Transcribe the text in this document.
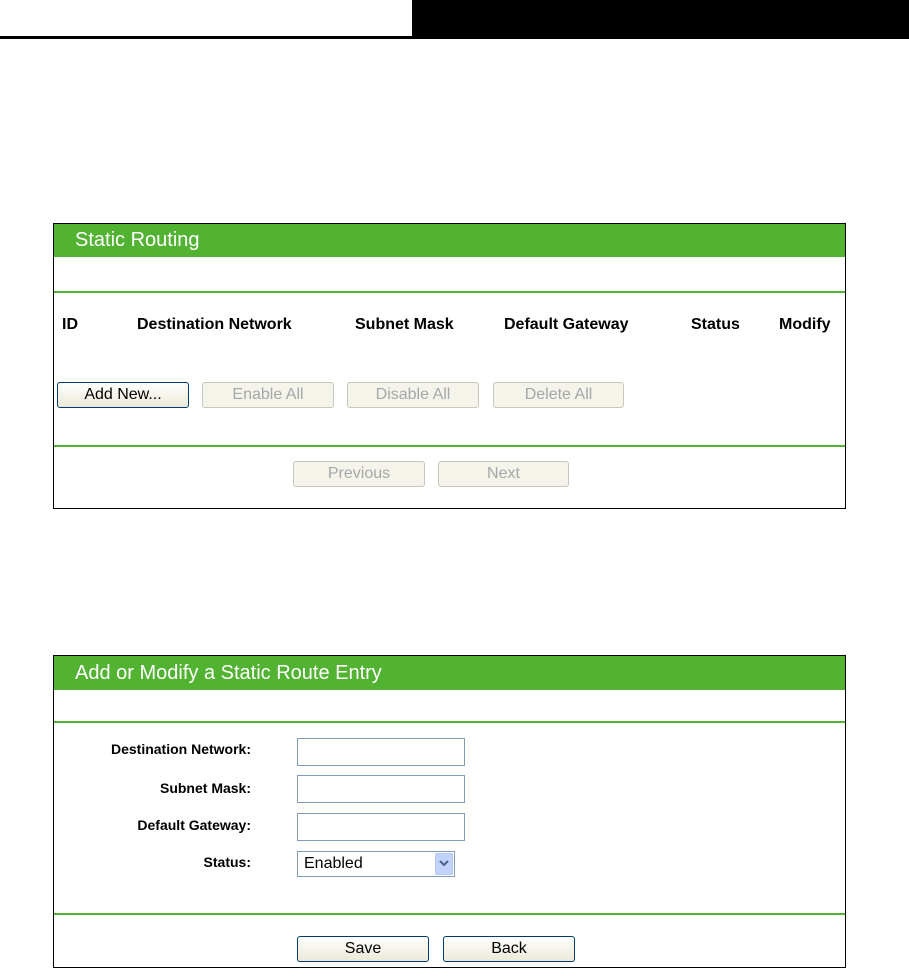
Static Routing
ID	Destination Network	Subnet Mask	Default Gateway	Status Modify
Add New...	Enable All	Disable All	Delete All
Previous	Next
Add or Modify a Static Route Entry
Destination Network:
Subnet Mask:
Default Gateway:
Status:	Enabled
Save	Back
